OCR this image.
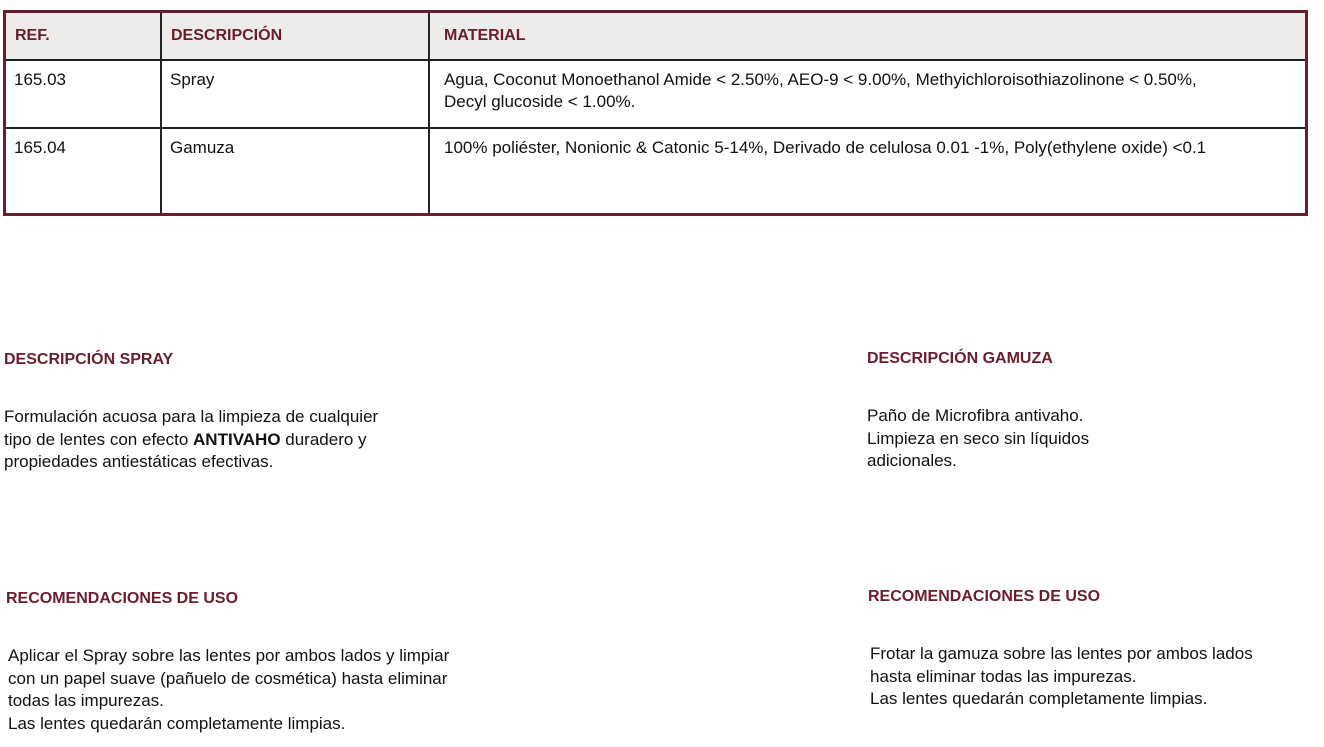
REF.	DESCRIPCIÓN	MATERIAL
165.03	Spray	Agua, Coconut Monoethanol Amide < 2.50%, AEO-9 < 9.00%, Methyichloroisothiazolinone < 0.50%,
Decyl glucoside < 1.00%.

165.04	Gamuza	100% poliéster, Nonionic & Catonic 5-14%, Derivado de celulosa 0.01 -1%, Poly(ethylene oxide) <0.1
DESCRIPCIÓN SPRAY
Formulación acuosa para la limpieza de cualquier
tipo de lentes con efecto ANTIVAHO duradero y
propiedades antiestáticas efectivas.
DESCRIPCIÓN GAMUZA
Paño de Microfibra antivaho.
Limpieza en seco sin líquidos
adicionales.
RECOMENDACIONES DE USO
Aplicar el Spray sobre las lentes por ambos lados y limpiar
con un papel suave (pañuelo de cosmética) hasta eliminar
todas las impurezas.
Las lentes quedarán completamente limpias.
RECOMENDACIONES DE USO
Frotar la gamuza sobre las lentes por ambos lados
hasta eliminar todas las impurezas.
Las lentes quedarán completamente limpias.
